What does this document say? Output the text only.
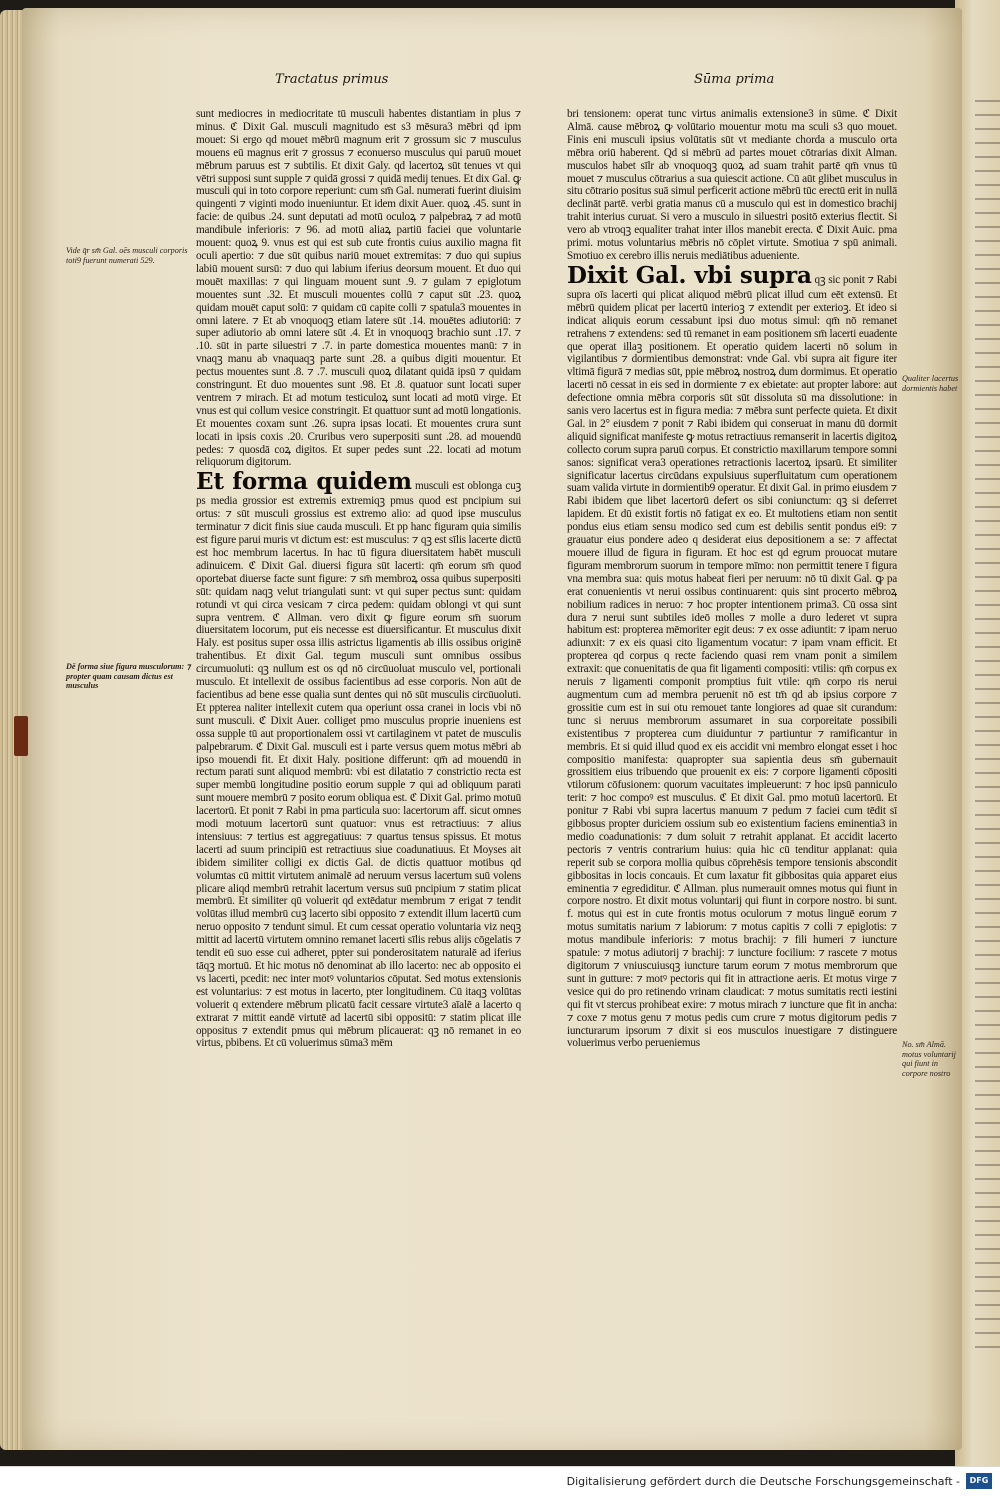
Tractatus primus	Sūma prima
Vide q̄r sm̄ Gal. oēs musculi corporis toti9 fuerunt numerati 529.
Dē forma siue figura musculorum: ⁊ propter quam causam dictus est musculus
Qualiter lacertus dormientis habet
No. sm̄ Almā. motus voluntarij qui fiunt in corpore nostro

sunt mediocres in mediocritate tū musculi habentes distantiam in plus ⁊ minus. ℭ Dixit Gal. musculi magnitudo est s3 mēsura3 mēbri qd ipm mouet: Si ergo qd mouet mēbrū magnum erit ⁊ grossum sic ⁊ musculus mouens eū magnus erit ⁊ grossus ⁊ econuerso musculus qui paruū mouet mēbrum paruus est ⁊ subtilis. Et dixit Galy. qd lacertoꝝ sūt tenues vt qui vētri supposi sunt supple ⁊ quidā grossi ⁊ quidā medij tenues. Et dix Gal. ꝙ musculi qui in toto corpore reperiunt: cum sm̄ Gal. numerati fuerint diuisim quingenti ⁊ viginti modo inueniuntur. Et idem dixit Auer. quoꝝ .45. sunt in facie: de quibus .24. sunt deputati ad motū oculoꝝ ⁊ palpebraꝝ ⁊ ad motū mandibule inferioris: ⁊ 96. ad motū aliaꝝ partiū faciei que voluntarie mouent: quoꝝ 9. vnus est qui est sub cute frontis cuius auxilio magna fit oculi apertio: ⁊ due sūt quibus nariū mouet extremitas: ⁊ duo qui supius labiū mouent sursū: ⁊ duo qui labium iferius deorsum mouent. Et duo qui mouēt maxillas: ⁊ qui linguam mouent sunt .9. ⁊ gulam ⁊ epiglotum mouentes sunt .32. Et musculi mouentes collū ⁊ caput sūt .23. quoꝝ quidam mouēt caput solū: ⁊ quidam cū capite colli ⁊ spatula3 mouentes in omni latere. ⁊ Et ab vnoquoqꝫ etiam latere sūt .14. mouētes adiutoriū: ⁊ super adiutorio ab omni latere sūt .4. Et in vnoquoqꝫ brachio sunt .17. ⁊ .10. sūt in parte siluestri ⁊ .7. in parte domestica mouentes manū: ⁊ in vnaqꝫ manu ab vnaquaqꝫ parte sunt .28. a quibus digiti mouentur. Et pectus mouentes sunt .8. ⁊ .7. musculi quoꝝ dilatant quidā ipsū ⁊ quidam constringunt. Et duo mouentes sunt .98. Et .8. quatuor sunt locati super ventrem ⁊ mirach. Et ad motum testiculoꝝ sunt locati ad motū virge. Et vnus est qui collum vesice constringit. Et quattuor sunt ad motū longationis. Et mouentes coxam sunt .26. supra ipsas locati. Et mouentes crura sunt locati in ipsis coxis .20. Cruribus vero superpositi sunt .28. ad mouendū pedes: ⁊ quosdā coꝝ digitos. Et super pedes sunt .22. locati ad motum reliquorum digitorum.

Et forma quidem musculi est oblonga cuꝫ ps media grossior est extremis extremiqꝫ pmus quod est pncipium sui ortus: ⁊ sūt musculi grossius est extremo alio: ad quod ipse musculus terminatur ⁊ dicit finis siue cauda musculi. Et pp hanc figuram quia similis est figure parui muris vt dictum est: est musculus: ⁊ qꝫ est sīlis lacerte dictū est hoc membrum lacertus. In hac tū figura diuersitatem habēt musculi adinuicem. ℭ Dixit Gal. diuersi figura sūt lacerti: qm̄ eorum sm̄ quod oportebat diuerse facte sunt figure: ⁊ sm̄ membroꝝ ossa quibus superpositi sūt: quidam naqꝫ velut triangulati sunt: vt qui super pectus sunt: quidam rotundi vt qui circa vesicam ⁊ circa pedem: quidam oblongi vt qui sunt supra ventrem. ℭ Allman. vero dixit ꝙ figure eorum sm̄ suorum diuersitatem locorum, put eis necesse est diuersificantur. Et musculus dixit Haly. est positus super ossa illis astrictus ligamentis ab illis ossibus originē trahentibus. Et dixit Gal. tegum musculi sunt omnibus ossibus circumuoluti: qꝫ nullum est os qd nō circūuoluat musculo vel, portionali musculo. Et intellexit de ossibus facientibus ad esse corporis. Non aūt de facientibus ad bene esse qualia sunt dentes qui nō sūt musculis circūuoluti. Et ppterea naliter intellexit cutem qua operiunt ossa cranei in locis vbi nō sunt musculi. ℭ Dixit Auer. colliget pmo musculus proprie inueniens est ossa supple tū aut proportionalem ossi vt cartilaginem vt patet de musculis palpebrarum. ℭ Dixit Gal. musculi est i parte versus quem motus mēbri ab ipso mouendi fit. Et dixit Haly. positione differunt: qm̄ ad mouendū in rectum parati sunt aliquod membrū: vbi est dilatatio ⁊ constrictio recta est super membū longitudine positio eorum supple ⁊ qui ad obliquum parati sunt mouere membrū ⁊ posito eorum obliqua est. ℭ Dixit Gal. primo motuū lacertorū. Et ponit ⁊ Rabi in pma particula suo: lacertorum aff. sicut omnes modi motuum lacertorū sunt quatuor: vnus est retractiuus: ⁊ alius intensiuus: ⁊ tertius est aggregatiuus: ⁊ quartus tensus spissus. Et motus lacerti ad suum principiū est retractiuus siue coadunatiuus. Et Moyses ait ibidem similiter colligi ex dictis Gal. de dictis quattuor motibus qd volumtas cū mittit virtutem animalē ad neruum versus lacertum suū volens plicare aliqd membrū retrahit lacertum versus suū pncipium ⁊ statim plicat membrū. Et similiter qū voluerit qd extēdatur membrum ⁊ erigat ⁊ tendit volūtas illud membrū cuꝫ lacerto sibi opposito ⁊ extendit illum lacertū cum neruo opposito ⁊ tendunt simul. Et cum cessat operatio voluntaria viz neqꝫ mittit ad lacertū virtutem omnino remanet lacerti sīlis rebus alijs cōgelatis ⁊ tendit eū suo esse cui adheret, ppter sui ponderositatem naturalē ad iferius tāqꝫ mortuū. Et hic motus nō denominat ab illo lacerto: nec ab opposito ei vs lacerti, pcedit: nec inter motꝰ voluntarios cōputat. Sed motus extensionis est voluntarius: ⁊ est motus in lacerto, pter longitudinem. Cū itaqꝫ volūtas voluerit q extendere mēbrum plicatū facit cessare virtute3 aīalē a lacerto q extrarat ⁊ mittit eandē virtutē ad lacertū sibi oppositū: ⁊ statim plicat ille oppositus ⁊ extendit pmus qui mēbrum plicauerat: qꝫ nō remanet in eo virtus, pbibens. Et cū voluerimus sūma3 mēm

bri tensionem: operat tunc virtus animalis extensione3 in sūme. ℭ Dixit Almā. cause mēbroꝝ ꝙ volūtario mouentur motu ma sculi s3 quo mouet. Finis eni musculi ipsius volūtatis sūt vt mediante chorda a musculo orta mēbra oriū haberent. Qd si mēbrū ad partes mouet cōtrarias dixit Alman. musculos habet sīlr ab vnoquoqꝫ quoꝝ ad suam trahit partē qm̄ vnus tū mouet ⁊ musculus cōtrarius a sua quiescit actione. Cū aūt glibet musculus in situ cōtrario positus suā simul perficerit actione mēbrū tūc erectū erit in nullā declināt partē. verbi gratia manus cū a musculo qui est in domestico brachij trahit interius curuat. Si vero a musculo in siluestri positō exterius flectit. Si vero ab vtroqꝫ equaliter trahat inter illos manebit erecta. ℭ Dixit Auic. pma primi. motus voluntarius mēbris nō cōplet virtute. Smotiua ⁊ spū animali. Smotiuo ex cerebro illis neruis mediātibus adueniente.

Dixit Gal. vbi supra qꝫ sic ponit ⁊ Rabi supra oīs lacerti qui plicat aliquod mēbrū plicat illud cum eēt extensū. Et mēbrū quidem plicat per lacertū interioꝫ ⁊ extendit per exterioꝫ. Et ideo si indicat aliquis eorum cessabunt ipsi duo motus simul: qm̄ nō remanet retrahens ⁊ extendens: sed tū remanet in eam positionem sm̄ lacerti euadente que operat illaꝫ positionem. Et operatio quidem lacerti nō solum in vigilantibus ⁊ dormientibus demonstrat: vnde Gal. vbi supra ait figure iter vltimā figurā ⁊ medias sūt, ppie mēbroꝝ nostroꝝ dum dormimus. Et operatio lacerti nō cessat in eis sed in dormiente ⁊ ex ebietate: aut propter labore: aut defectione omnia mēbra corporis sūt sūt dissoluta sū ma dissolutione: in sanis vero lacertus est in figura media: ⁊ mēbra sunt perfecte quieta. Et dixit Gal. in 2° eiusdem ⁊ ponit ⁊ Rabi ibidem qui conseruat in manu dū dormit aliquid significat manifeste ꝙ motus retractiuus remanserit in lacertis digitoꝝ collecto corum supra paruū corpus. Et constrictio maxillarum tempore somni sanos: significat vera3 operationes retractionis lacertoꝝ ipsarū. Et similiter significatur lacertus circūdans expulsiuus superfluitatum cum operationem suam valida virtute in dormientib9 operatur. Et dixit Gal. in primo eiusdem ⁊ Rabi ibidem que libet lacertorū defert os sibi coniunctum: qꝫ si deferret lapidem. Et dū existit fortis nō fatigat ex eo. Et multotiens etiam non sentit pondus eius etiam sensu modico sed cum est debilis sentit pondus ei9: ⁊ grauatur eius pondere adeo q desiderat eius depositionem a se: ⁊ affectat mouere illud de figura in figuram. Et hoc est qd egrum prouocat mutare figuram membrorum suorum in tempore mīmo: non permittit tenere ī figura vna membra sua: quis motus habeat fieri per neruum: nō tū dixit Gal. ꝙ pa erat conuenientis vt nerui ossibus continuarent: quis sint procerto mēbroꝝ nobilium radices in neruo: ⁊ hoc propter intentionem prima3. Cū ossa sint dura ⁊ nerui sunt subtiles ideō molles ⁊ molle a duro lederet vt supra habitum est: propterea mēmoriter egit deus: ⁊ ex osse adiuntit: ⁊ ipam neruo adiunxit: ⁊ ex eis quasi cito ligamentum vocatur: ⁊ ipam vnam efficit. Et propterea qd corpus q recte faciendo quasi rem vnam ponit a similem extraxit: que conuenitatis de qua fit ligamenti compositi: vtilis: qm̄ corpus ex neruis ⁊ ligamenti componit promptius fuit vtile: qm̄ corpo ris nerui augmentum cum ad membra peruenit nō est tm̄ qd ab ipsius corpore ⁊ grossitie cum est in sui otu remouet tante longiores ad quae sit curandum: tunc si neruus membrorum assumaret in sua corporeitate possibili existentibus ⁊ propterea cum diuiduntur ⁊ partiuntur ⁊ ramificantur in membris. Et si quid illud quod ex eis accidit vni membro elongat esset i hoc compositio manifesta: quapropter sua sapientia deus sm̄ gubernauit grossitiem eius tribuendo que prouenit ex eis: ⁊ corpore ligamenti cōpositi vtilorum cōfusionem: quorum vacuitates impleuerunt: ⁊ hoc ipsū panniculo terit: ⁊ hoc compoꝰ est musculus. ℭ Et dixit Gal. pmo motuū lacertorū. Et ponitur ⁊ Rabi vbi supra lacertus manuum ⁊ pedum ⁊ faciei cum tēdit sī gibbosus propter duriciem ossium sub eo existentium faciens eminentia3 in medio coadunationis: ⁊ dum soluit ⁊ retrahit applanat. Et accidit lacerto pectoris ⁊ ventris contrarium huius: quia hic cū tenditur applanat: quia reperit sub se corpora mollia quibus cōprehēsis tempore tensionis abscondit gibbositas in locis concauis. Et cum laxatur fit gibbositas quia apparet eius eminentia ⁊ egrediditur. ℭ Allman. plus numerauit omnes motus qui fiunt in corpore nostro. Et dixit motus voluntarij qui fiunt in corpore nostro. bi sunt. f. motus qui est in cute frontis motus oculorum ⁊ motus linguē eorum ⁊ motus sumitatis narium ⁊ labiorum: ⁊ motus capitis ⁊ colli ⁊ epiglotis: ⁊ motus mandibule inferioris: ⁊ motus brachij: ⁊ fili humeri ⁊ iuncture spatule: ⁊ motus adiutorij ⁊ brachij: ⁊ iuncture focilium: ⁊ rascete ⁊ motus digitorum ⁊ vniuscuiusqꝫ iuncture tarum eorum ⁊ motus membrorum que sunt in gutture: ⁊ motꝰ pectoris qui fit in attractione aeris. Et motus virge ⁊ vesice qui do pro retinendo vrinam claudicat: ⁊ motus sumitatis recti iestini qui fit vt stercus prohibeat exire: ⁊ motus mirach ⁊ iuncture que fit in ancha: ⁊ coxe ⁊ motus genu ⁊ motus pedis cum crure ⁊ motus digitorum pedis ⁊ iuncturarum ipsorum ⁊ dixit si eos musculos inuestigare ⁊ distinguere voluerimus verbo perueniemus

Digitalisierung gefördert durch die Deutsche Forschungsgemeinschaft -	DFG
